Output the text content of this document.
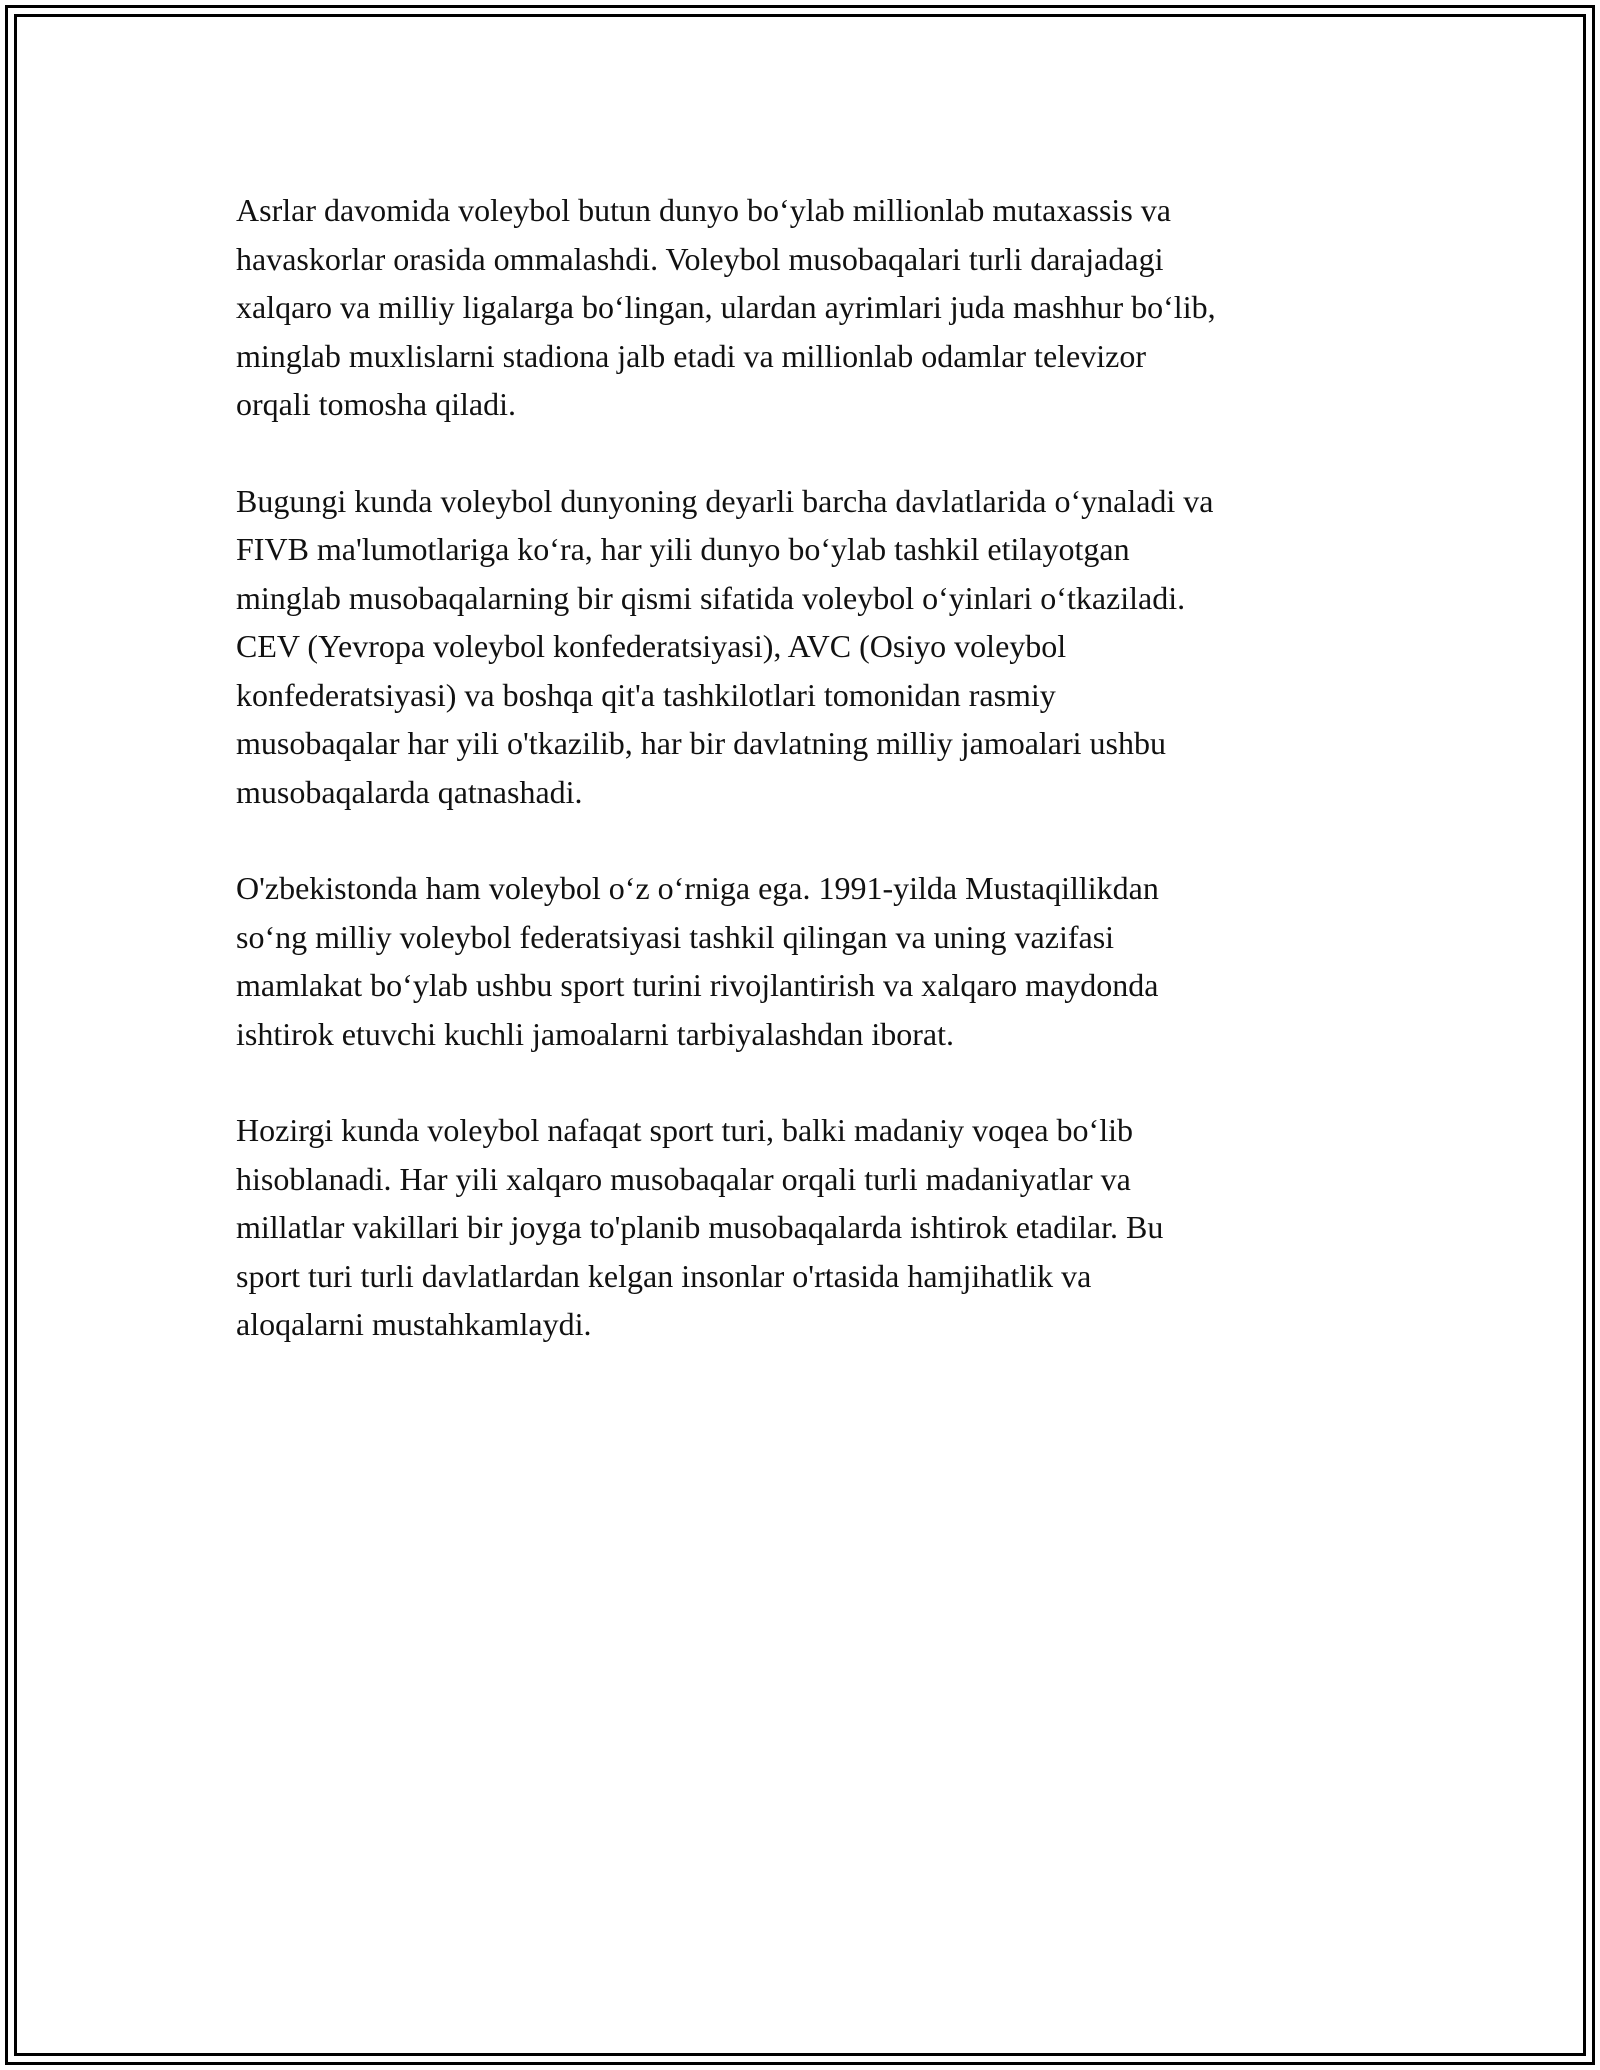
Asrlar davomida voleybol butun dunyo bo‘ylab millionlab mutaxassis va
havaskorlar orasida ommalashdi. Voleybol musobaqalari turli darajadagi
xalqaro va milliy ligalarga bo‘lingan, ulardan ayrimlari juda mashhur bo‘lib,
minglab muxlislarni stadiona jalb etadi va millionlab odamlar televizor
orqali tomosha qiladi.

Bugungi kunda voleybol dunyoning deyarli barcha davlatlarida o‘ynaladi va
FIVB ma'lumotlariga ko‘ra, har yili dunyo bo‘ylab tashkil etilayotgan
minglab musobaqalarning bir qismi sifatida voleybol o‘yinlari o‘tkaziladi.
CEV (Yevropa voleybol konfederatsiyasi), AVC (Osiyo voleybol
konfederatsiyasi) va boshqa qit'a tashkilotlari tomonidan rasmiy
musobaqalar har yili o'tkazilib, har bir davlatning milliy jamoalari ushbu
musobaqalarda qatnashadi.

O'zbekistonda ham voleybol o‘z o‘rniga ega. 1991-yilda Mustaqillikdan
so‘ng milliy voleybol federatsiyasi tashkil qilingan va uning vazifasi
mamlakat bo‘ylab ushbu sport turini rivojlantirish va xalqaro maydonda
ishtirok etuvchi kuchli jamoalarni tarbiyalashdan iborat.

Hozirgi kunda voleybol nafaqat sport turi, balki madaniy voqea bo‘lib
hisoblanadi. Har yili xalqaro musobaqalar orqali turli madaniyatlar va
millatlar vakillari bir joyga to'planib musobaqalarda ishtirok etadilar. Bu
sport turi turli davlatlardan kelgan insonlar o'rtasida hamjihatlik va
aloqalarni mustahkamlaydi.
